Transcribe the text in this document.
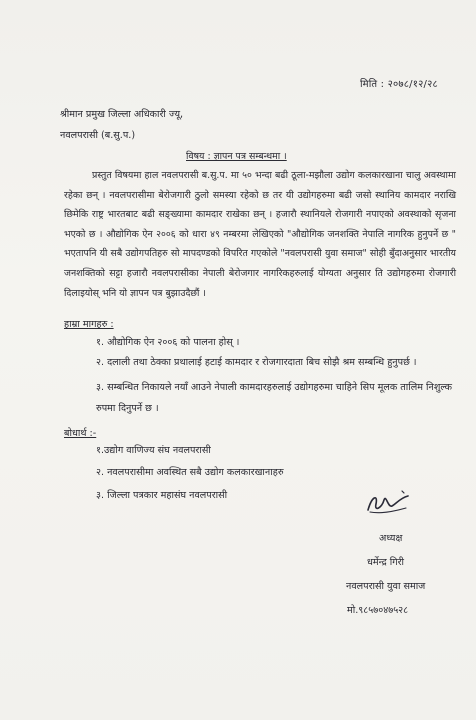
मिति : २०७८/१२/२८
श्रीमान प्रमुख जिल्ला अधिकारी ज्यू,
नवलपरासी (ब.सु.प.)
विषय : ज्ञापन पत्र सम्बन्धमा ।
प्रस्तुत विषयमा हाल नवलपरासी ब.सु.प. मा ५० भन्दा बढी ठूला-मझौला उद्योग कलकारखाना चालु अवस्थामा रहेका छन् । नवलपरासीमा बेरोजगारी ठुलो समस्या रहेको छ तर यी उद्योगहरुमा बढी जसो स्थानिय कामदार नराखि छिमेकि राष्ट्र भारतबाट बढी सङ्ख्यामा कामदार राखेका छन् । हजारौ स्थानियले रोजगारी नपाएको अवस्थाको सृजना भएको छ । औद्योगिक ऐन २००६ को धारा ४९ नम्बरमा लेखिएको "औद्योगिक जनशक्ति नेपालि नागरिक हुनुपर्ने छ " भएतापनि यी सबै उद्योगपतिहरु सो मापदण्डको विपरित गएकोले "नवलपरासी युवा समाज" सोही बुँदाअनुसार भारतीय जनशक्तिको सट्टा हजारौ नवलपरासीका नेपाली बेरोजगार नागरिकहरुलाई योग्यता अनुसार ति उद्योगहरुमा रोजगारी दिलाइयोस् भनि यो ज्ञापन पत्र बुझाउदैछौं ।
हाम्रा मागहरु :
१. औद्योगिक ऐन २००६ को पालना होस् ।
२. दलाली तथा ठेक्का प्रथालाई हटाई कामदार र रोजगारदाता बिच सोझै श्रम सम्बन्धि हुनुपर्छ ।
३. सम्बन्धित निकायले नयाँ आउने नेपाली कामदारहरुलाई उद्योगहरुमा चाहिने सिप मूलक तालिम निशुल्क रुपमा दिनुपर्ने छ ।
बोधार्थ :-
१.उद्योग वाणिज्य संघ नवलपरासी
२. नवलपरासीमा अवस्थित सबै उद्योग कलकारखानाहरु
३. जिल्ला पत्रकार महासंघ नवलपरासी
अध्यक्ष
धर्मेन्द्र गिरी
नवलपरासी युवा समाज
मो.९८५७०४७५२८
